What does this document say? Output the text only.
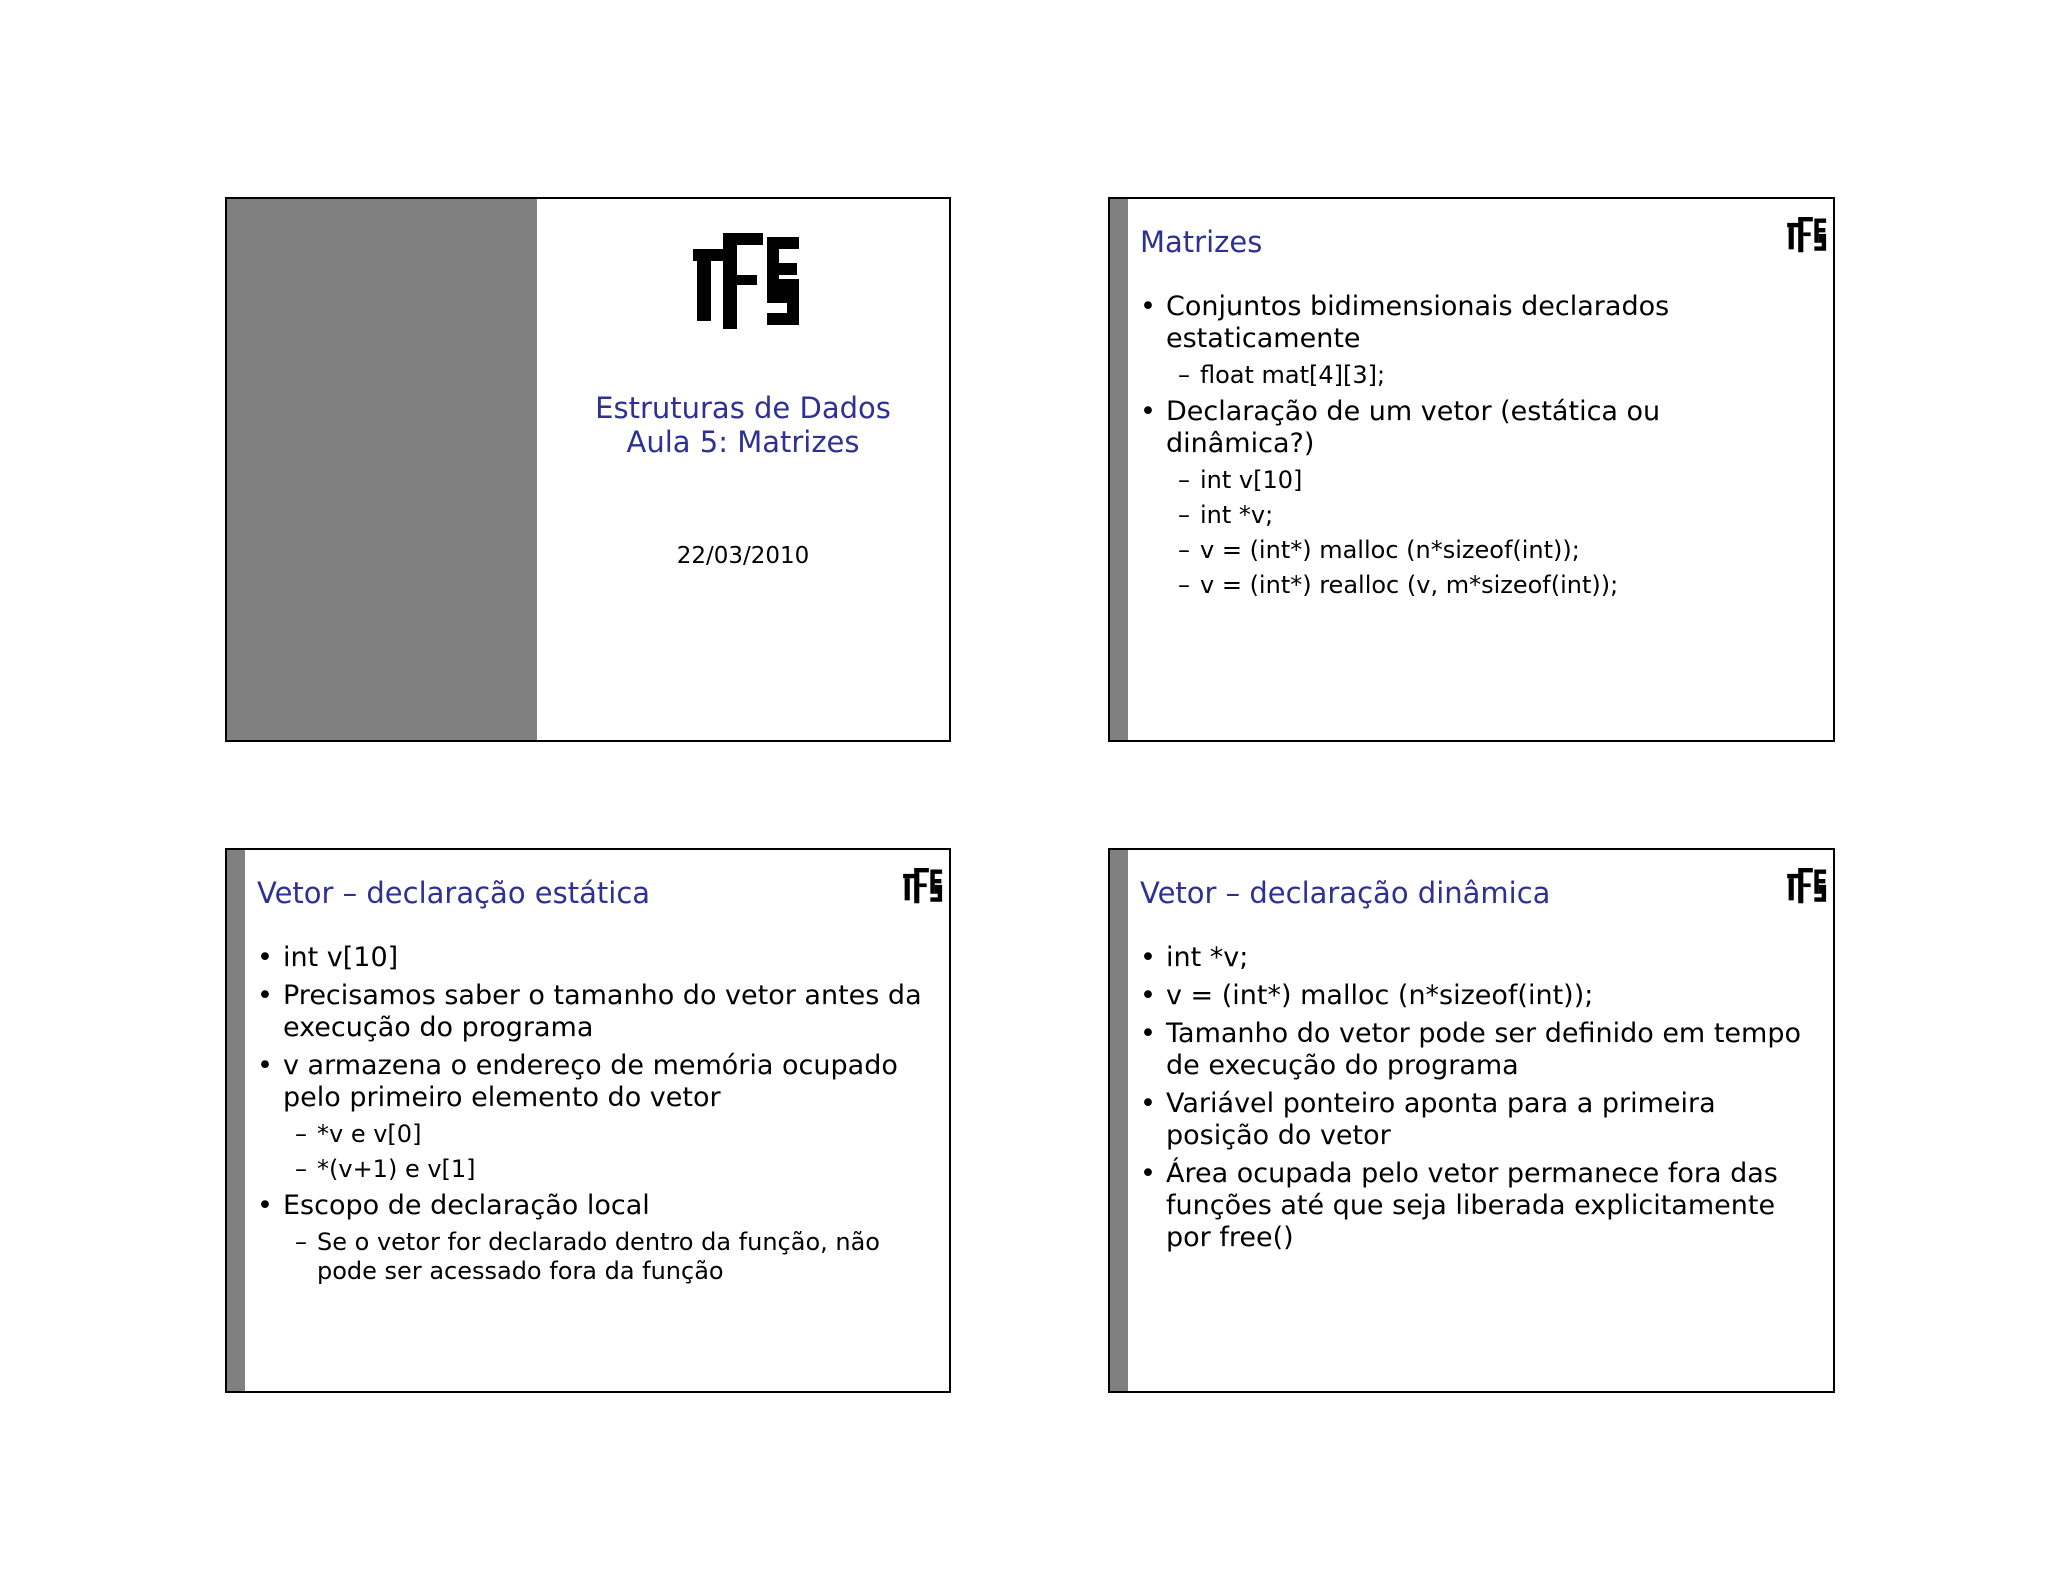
Estruturas de Dados
Aula 5: Matrizes
22/03/2010
Matrizes
• Conjuntos bidimensionais declarados estaticamente
– float mat[4][3];
• Declaração de um vetor (estática ou dinâmica?)
– int v[10]
– int *v;
– v = (int*) malloc (n*sizeof(int));
– v = (int*) realloc (v, m*sizeof(int));
Vetor – declaração estática
• int v[10]
• Precisamos saber o tamanho do vetor antes da execução do programa
• v armazena o endereço de memória ocupado pelo primeiro elemento do vetor
– *v e v[0]
– *(v+1) e v[1]
• Escopo de declaração local
– Se o vetor for declarado dentro da função, não pode ser acessado fora da função
Vetor – declaração dinâmica
• int *v;
• v = (int*) malloc (n*sizeof(int));
• Tamanho do vetor pode ser definido em tempo de execução do programa
• Variável ponteiro aponta para a primeira posição do vetor
• Área ocupada pelo vetor permanece fora das funções até que seja liberada explicitamente por free()
